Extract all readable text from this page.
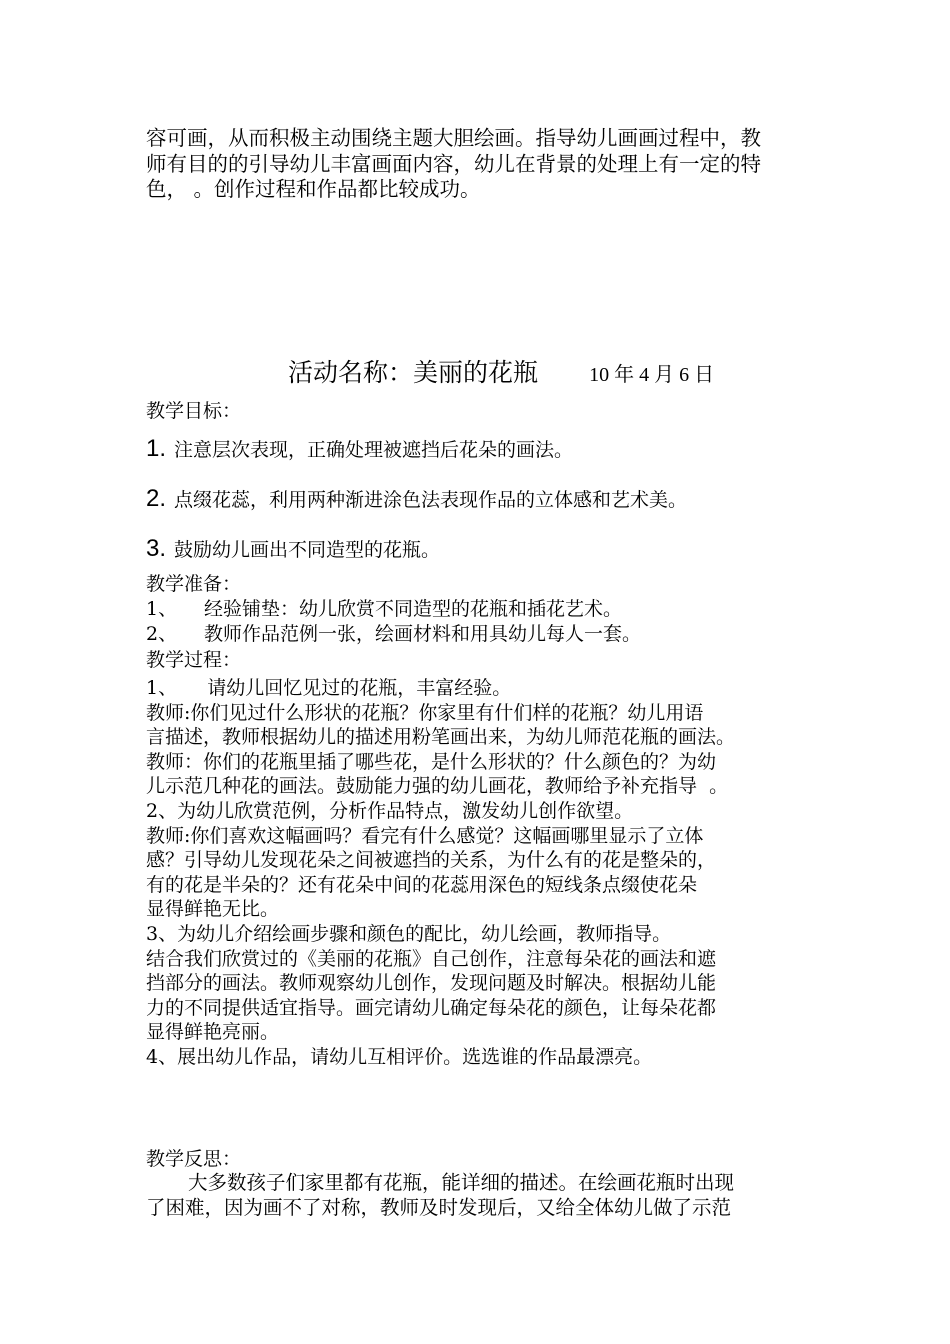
容可画，从而积极主动围绕主题大胆绘画。指导幼儿画画过程中，教
师有目的的引导幼儿丰富画面内容，幼儿在背景的处理上有一定的特
色， 。创作过程和作品都比较成功。
活动名称：美丽的花瓶	10 年 4 月 6 日
教学目标：
1. 注意层次表现，正确处理被遮挡后花朵的画法。
2. 点缀花蕊，利用两种渐进涂色法表现作品的立体感和艺术美。
3. 鼓励幼儿画出不同造型的花瓶。
教学准备：
1、 经验铺垫：幼儿欣赏不同造型的花瓶和插花艺术。
2、 教师作品范例一张，绘画材料和用具幼儿每人一套。
教学过程：
1、     请幼儿回忆见过的花瓶，丰富经验。
教师:你们见过什么形状的花瓶？你家里有什们样的花瓶？幼儿用语
言描述，教师根据幼儿的描述用粉笔画出来，为幼儿师范花瓶的画法。
教师：你们的花瓶里插了哪些花，是什么形状的？什么颜色的？为幼
儿示范几种花的画法。鼓励能力强的幼儿画花，教师给予补充指导  。
2、为幼儿欣赏范例，分析作品特点，激发幼儿创作欲望。
教师:你们喜欢这幅画吗？看完有什么感觉？这幅画哪里显示了立体
感？引导幼儿发现花朵之间被遮挡的关系，为什么有的花是整朵的，
有的花是半朵的？还有花朵中间的花蕊用深色的短线条点缀使花朵
显得鲜艳无比。
3、为幼儿介绍绘画步骤和颜色的配比，幼儿绘画，教师指导。
结合我们欣赏过的《美丽的花瓶》自己创作，注意每朵花的画法和遮
挡部分的画法。教师观察幼儿创作，发现问题及时解决。根据幼儿能
力的不同提供适宜指导。画完请幼儿确定每朵花的颜色，让每朵花都
显得鲜艳亮丽。
4、展出幼儿作品，请幼儿互相评价。选选谁的作品最漂亮。
教学反思：
大多数孩子们家里都有花瓶，能详细的描述。在绘画花瓶时出现
了困难，因为画不了对称，教师及时发现后，又给全体幼儿做了示范
